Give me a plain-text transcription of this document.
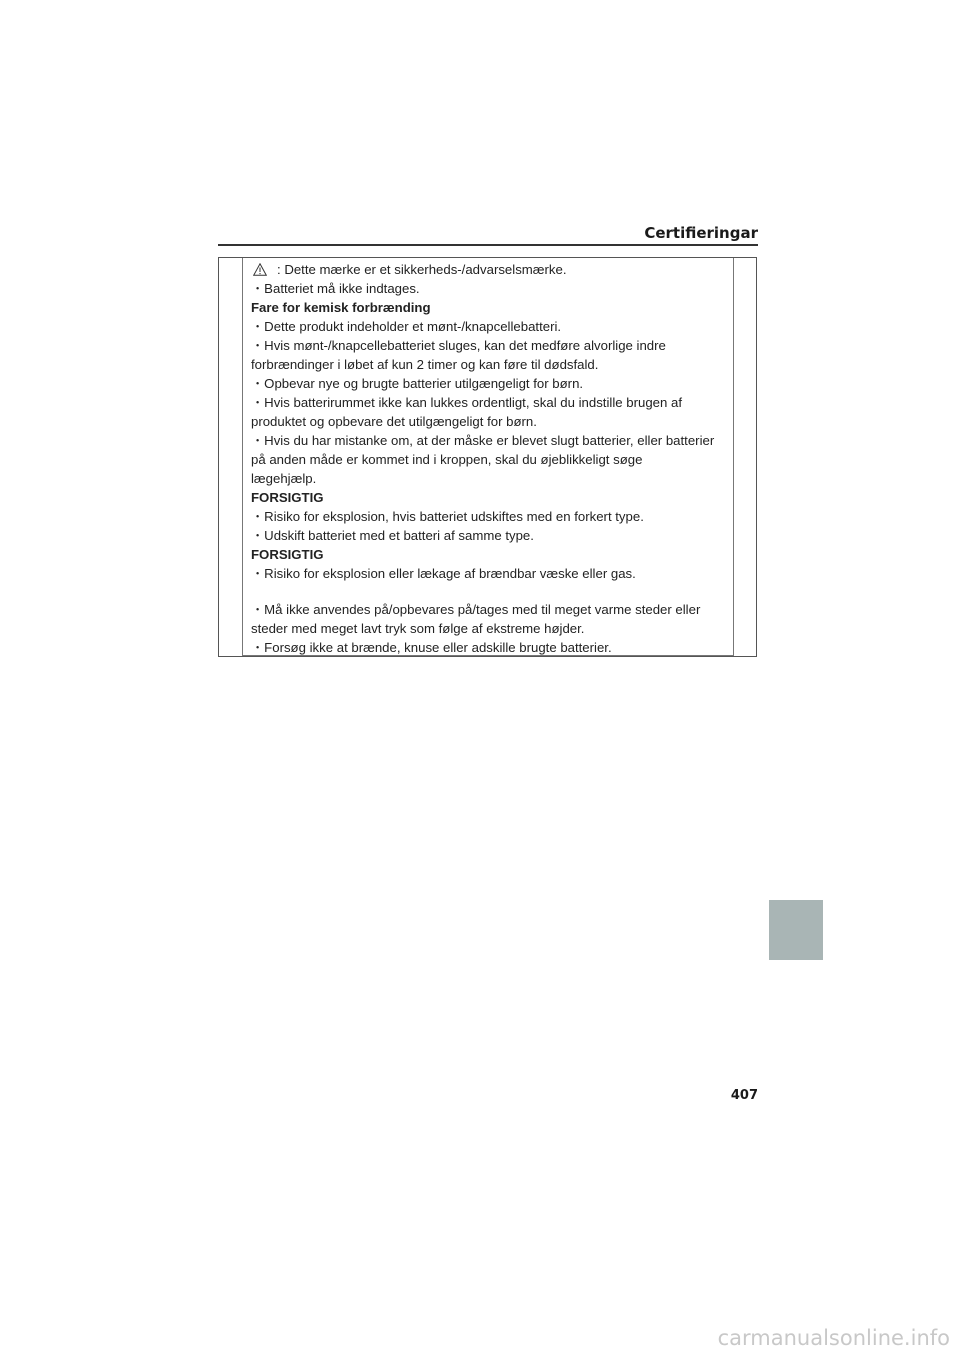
Certifieringar
: Dette mærke er et sikkerheds-/advarselsmærke.
・Batteriet må ikke indtages.
Fare for kemisk forbrænding
・Dette produkt indeholder et mønt-/knapcellebatteri.
・Hvis mønt-/knapcellebatteriet sluges, kan det medføre alvorlige indre
forbrændinger i løbet af kun 2 timer og kan føre til dødsfald.
・Opbevar nye og brugte batterier utilgængeligt for børn.
・Hvis batterirummet ikke kan lukkes ordentligt, skal du indstille brugen af
produktet og opbevare det utilgængeligt for børn.
・Hvis du har mistanke om, at der måske er blevet slugt batterier, eller batterier
på anden måde er kommet ind i kroppen, skal du øjeblikkeligt søge
lægehjælp.
FORSIGTIG
・Risiko for eksplosion, hvis batteriet udskiftes med en forkert type.
・Udskift batteriet med et batteri af samme type.
FORSIGTIG
・Risiko for eksplosion eller lækage af brændbar væske eller gas.
・Må ikke anvendes på/opbevares på/tages med til meget varme steder eller
steder med meget lavt tryk som følge af ekstreme højder.
・Forsøg ikke at brænde, knuse eller adskille brugte batterier.
407
carmanualsonline.info
